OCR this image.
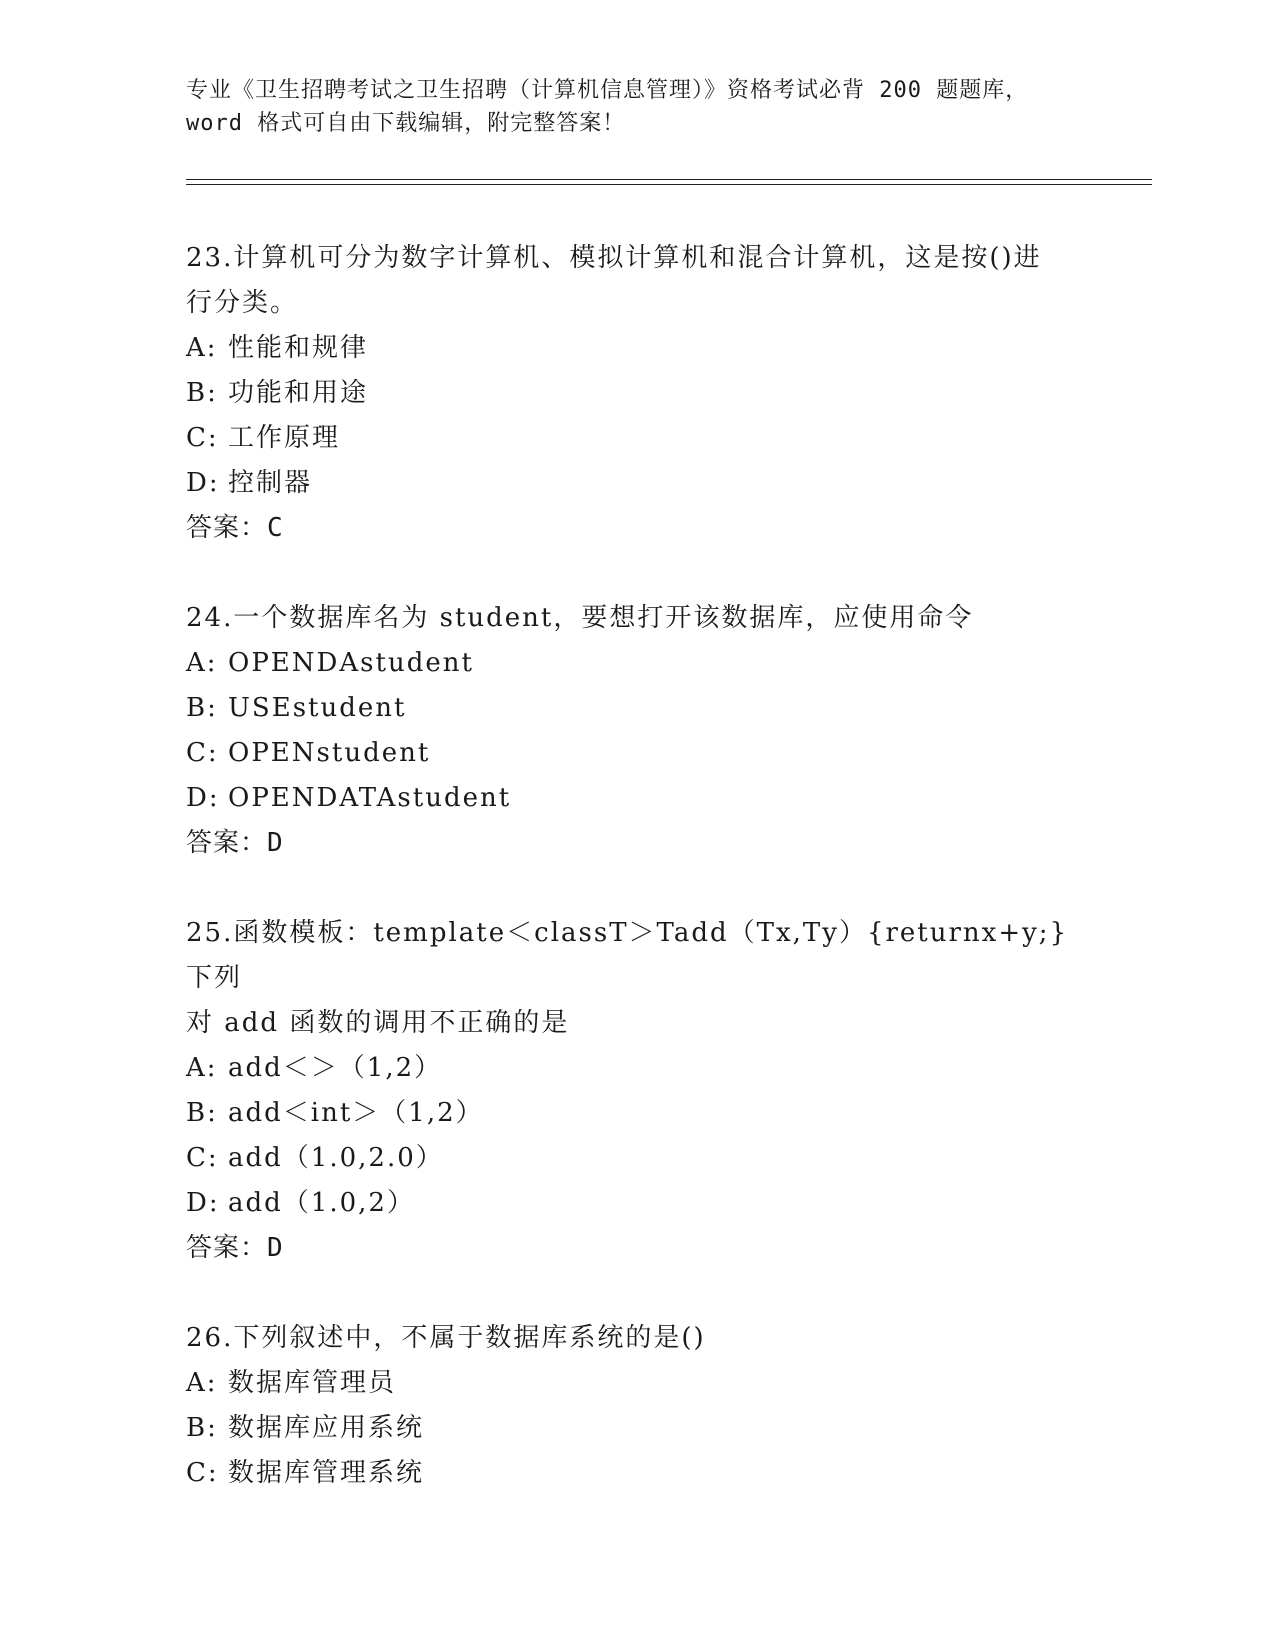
专业《卫生招聘考试之卫生招聘（计算机信息管理）》资格考试必背 200 题题库，
word 格式可自由下载编辑，附完整答案！

23.计算机可分为数字计算机、模拟计算机和混合计算机，这是按()进

行分类。

A: 性能和规律

B: 功能和用途

C: 工作原理

D: 控制器

答案：C

24.一个数据库名为 student，要想打开该数据库，应使用命令

A: OPENDAstudent

B: USEstudent

C: OPENstudent

D: OPENDATAstudent

答案：D

25.函数模板：template＜classT＞Tadd（Tx,Ty）{returnx+y;}下列

对 add 函数的调用不正确的是

A: add＜＞（1,2）

B: add＜int＞（1,2）

C: add（1.0,2.0）

D: add（1.0,2）

答案：D

26.下列叙述中，不属于数据库系统的是()

A: 数据库管理员

B: 数据库应用系统

C: 数据库管理系统
